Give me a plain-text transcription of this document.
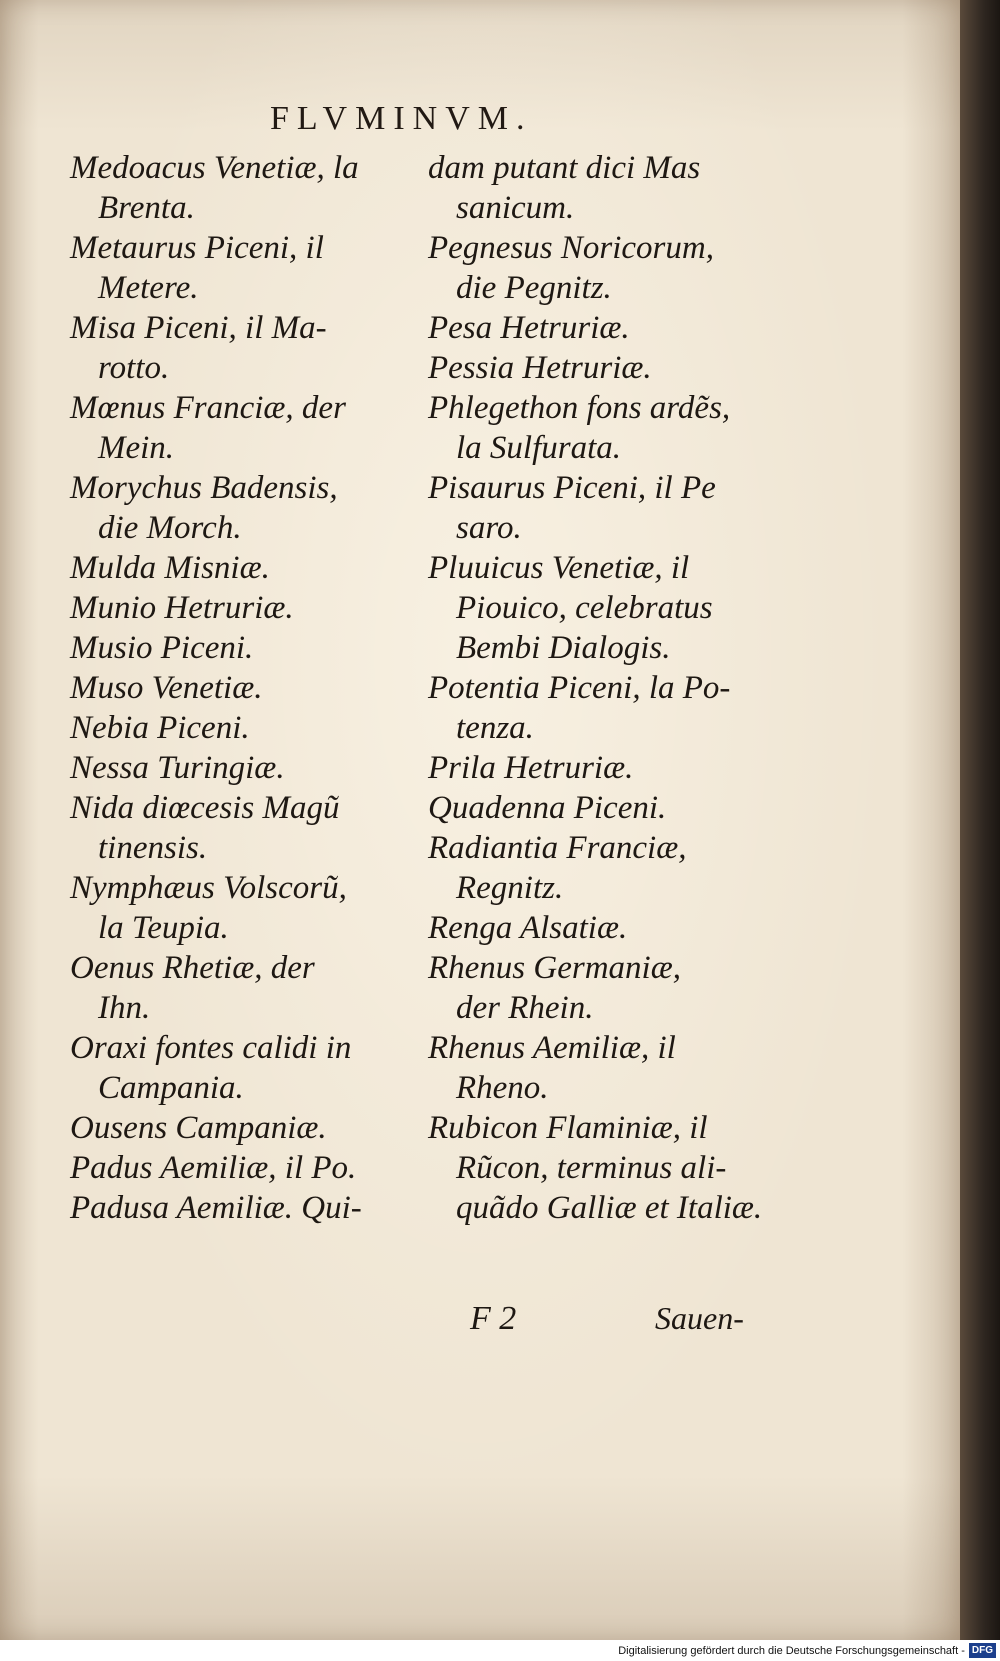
FLVMINVM.
Medoacus Venetiæ, la
Brenta.
Metaurus Piceni, il
Metere.
Misa Piceni, il Ma-
rotto.
Mœnus Franciæ, der
Mein.
Morychus Badensis,
die Morch.
Mulda Misniæ.
Munio Hetruriæ.
Musio Piceni.
Muso Venetiæ.
Nebia Piceni.
Nessa Turingiæ.
Nida diœcesis Magũ
tinensis.
Nymphæus Volscorũ,
la Teupia.
Oenus Rhetiæ, der
Ihn.
Oraxi fontes calidi in
Campania.
Ousens Campaniæ.
Padus Aemiliæ, il Po.
Padusa Aemiliæ. Qui-
dam putant dici Mas
sanicum.
Pegnesus Noricorum,
die Pegnitz.
Pesa Hetruriæ.
Pessia Hetruriæ.
Phlegethon fons ardẽs,
la Sulfurata.
Pisaurus Piceni, il Pe
saro.
Pluuicus Venetiæ, il
Piouico, celebratus
Bembi Dialogis.
Potentia Piceni, la Po-
tenza.
Prila Hetruriæ.
Quadenna Piceni.
Radiantia Franciæ,
Regnitz.
Renga Alsatiæ.
Rhenus Germaniæ,
der Rhein.
Rhenus Aemiliæ, il
Rheno.
Rubicon Flaminiæ, il
Rũcon, terminus ali-
quãdo Galliæ et Italiæ.
F 2	Sauen-
Digitalisierung gefördert durch die Deutsche Forschungsgemeinschaft - DFG
